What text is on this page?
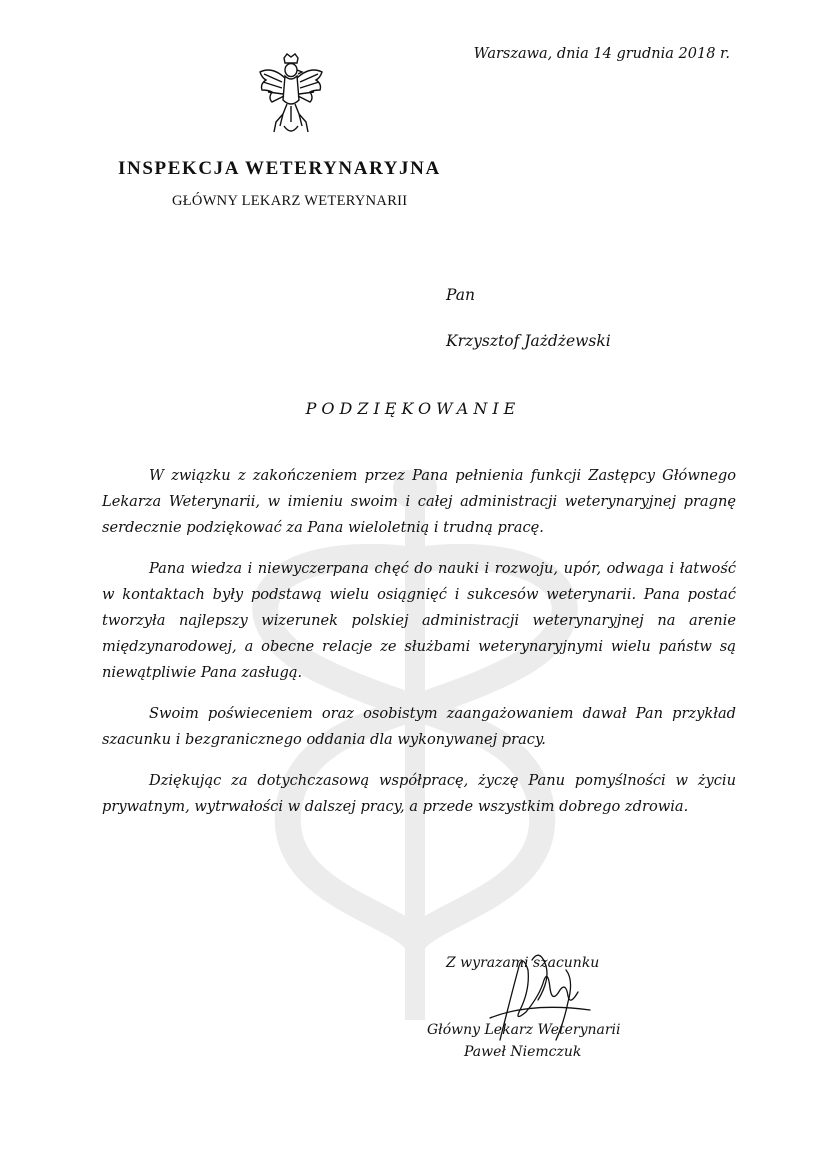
Warszawa, dnia 14 grudnia 2018 r.
INSPEKCJA WETERYNARYJNA
GŁÓWNY LEKARZ WETERYNARII
Pan
Krzysztof Jażdżewski
PODZIĘKOWANIE

W związku z zakończeniem przez Pana pełnienia funkcji Zastępcy Głównego Lekarza Weterynarii, w imieniu swoim i całej administracji weterynaryjnej pragnę serdecznie podziękować za Pana wieloletnią i trudną pracę.

Pana wiedza i niewyczerpana chęć do nauki i rozwoju, upór, odwaga i łatwość w kontaktach były podstawą wielu osiągnięć i sukcesów weterynarii. Pana postać tworzyła najlepszy wizerunek polskiej administracji weterynaryjnej na arenie międzynarodowej, a obecne relacje ze służbami weterynaryjnymi wielu państw są niewątpliwie Pana zasługą.

Swoim poświeceniem oraz osobistym zaangażowaniem dawał Pan przykład szacunku i bezgranicznego oddania dla wykonywanej pracy.

Dziękując za dotychczasową współpracę, życzę Panu pomyślności w życiu prywatnym, wytrwałości w dalszej pracy, a przede wszystkim dobrego zdrowia.

Z wyrazami szacunku
Główny Lekarz Weterynarii
Paweł Niemczuk
